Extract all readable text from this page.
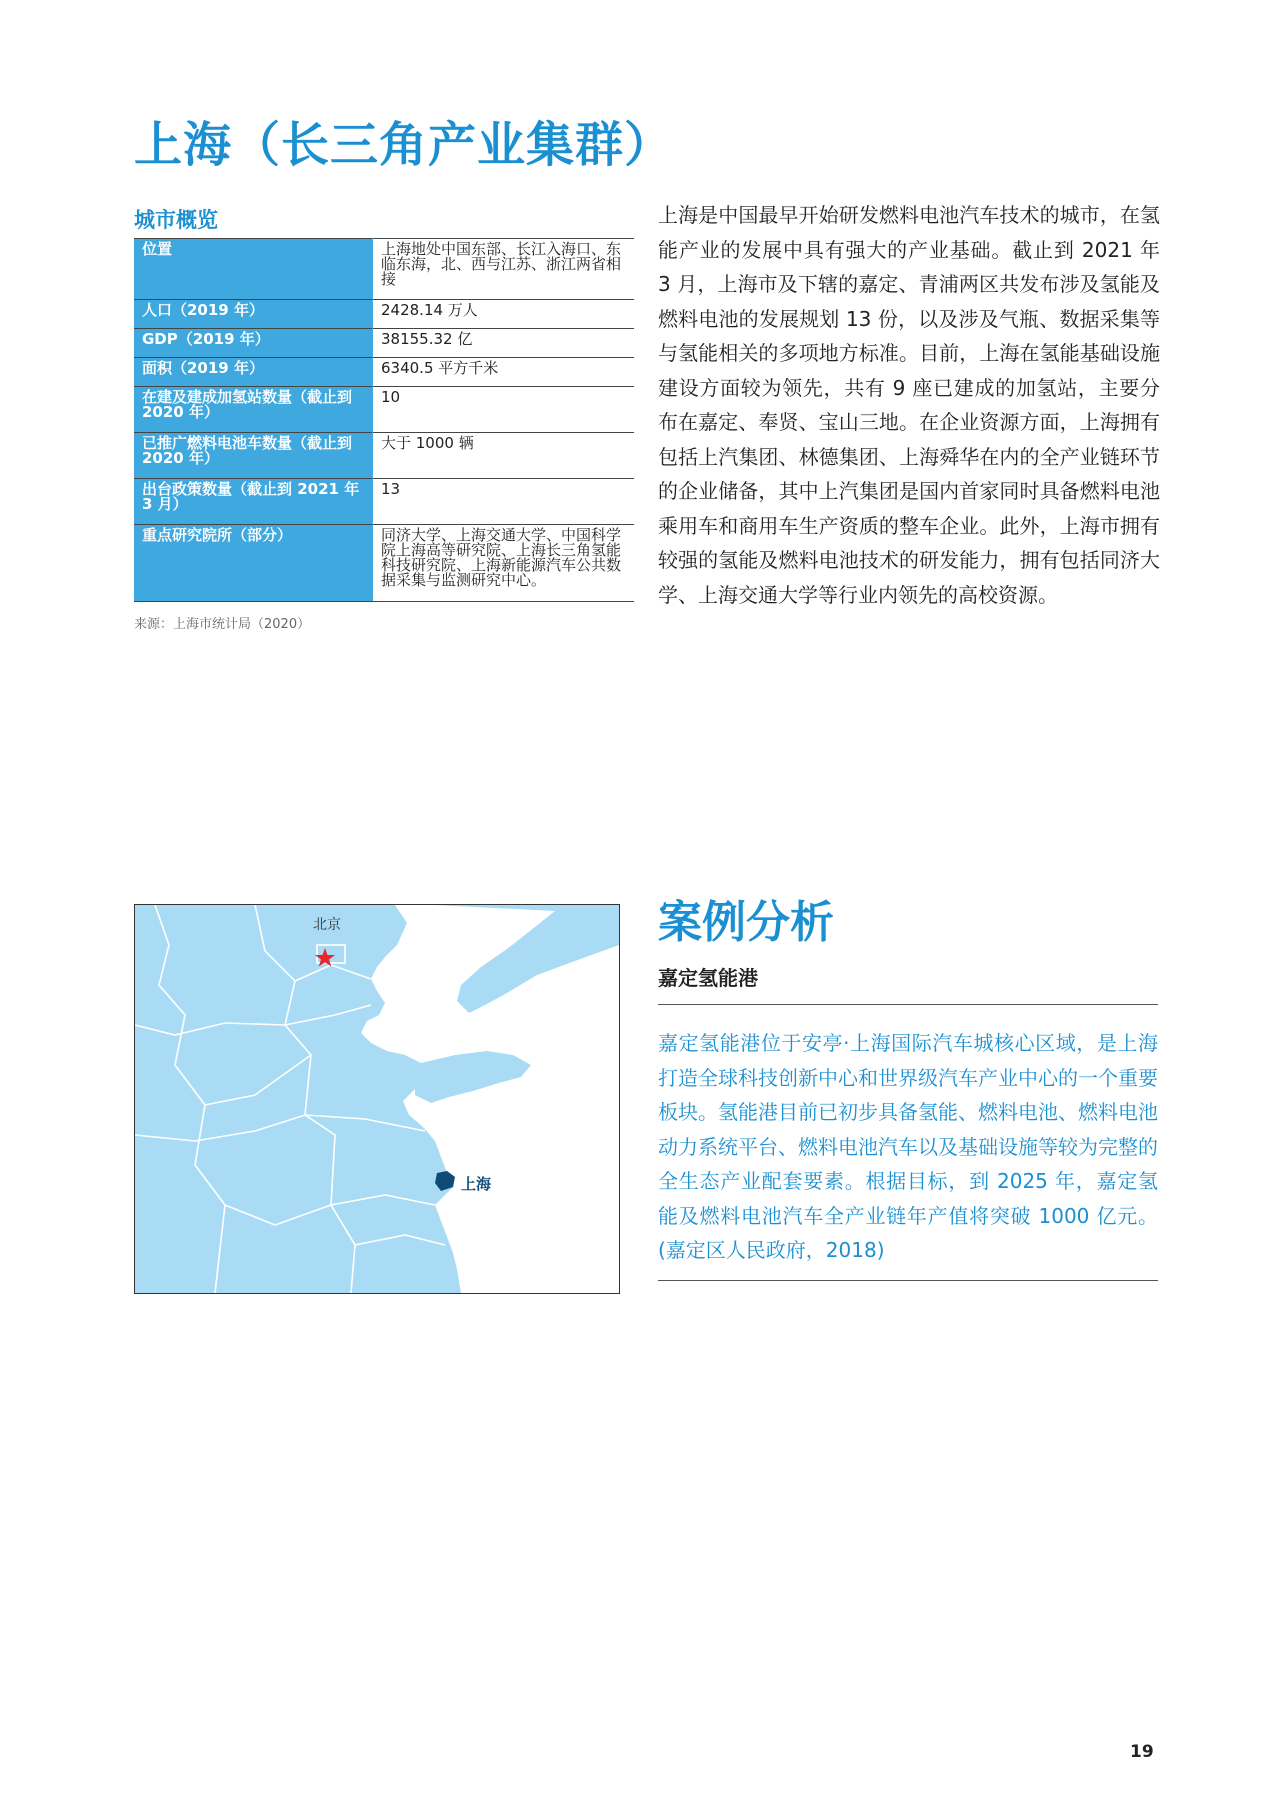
上海（长三角产业集群）
城市概览
位置	上海地处中国东部、长江入海口、东临东海，北、西与江苏、浙江两省相接
人口（2019 年）	2428.14 万人
GDP（2019 年）	38155.32 亿
面积（2019 年）	6340.5 平方千米
在建及建成加氢站数量（截止到 2020 年）	10
已推广燃料电池车数量（截止到 2020 年）	大于 1000 辆
出台政策数量（截止到 2021 年 3 月）	13
重点研究院所（部分）	同济大学、上海交通大学、中国科学院上海高等研究院、上海长三角氢能科技研究院、上海新能源汽车公共数据采集与监测研究中心。
来源：上海市统计局（2020）
上海是中国最早开始研发燃料电池汽车技术的城市，在氢能产业的发展中具有强大的产业基础。截止到 2021 年 3 月，上海市及下辖的嘉定、青浦两区共发布涉及氢能及燃料电池的发展规划 13 份，以及涉及气瓶、数据采集等与氢能相关的多项地方标准。目前，上海在氢能基础设施建设方面较为领先，共有 9 座已建成的加氢站，主要分布在嘉定、奉贤、宝山三地。在企业资源方面，上海拥有包括上汽集团、林德集团、上海舜华在内的全产业链环节的企业储备，其中上汽集团是国内首家同时具备燃料电池乘用车和商用车生产资质的整车企业。此外，上海市拥有较强的氢能及燃料电池技术的研发能力，拥有包括同济大学、上海交通大学等行业内领先的高校资源。
北京
上海
案例分析
嘉定氢能港
嘉定氢能港位于安亭·上海国际汽车城核心区域，是上海打造全球科技创新中心和世界级汽车产业中心的一个重要板块。氢能港目前已初步具备氢能、燃料电池、燃料电池动力系统平台、燃料电池汽车以及基础设施等较为完整的全生态产业配套要素。根据目标，到 2025 年，嘉定氢能及燃料电池汽车全产业链年产值将突破 1000 亿元。(嘉定区人民政府，2018)
19
